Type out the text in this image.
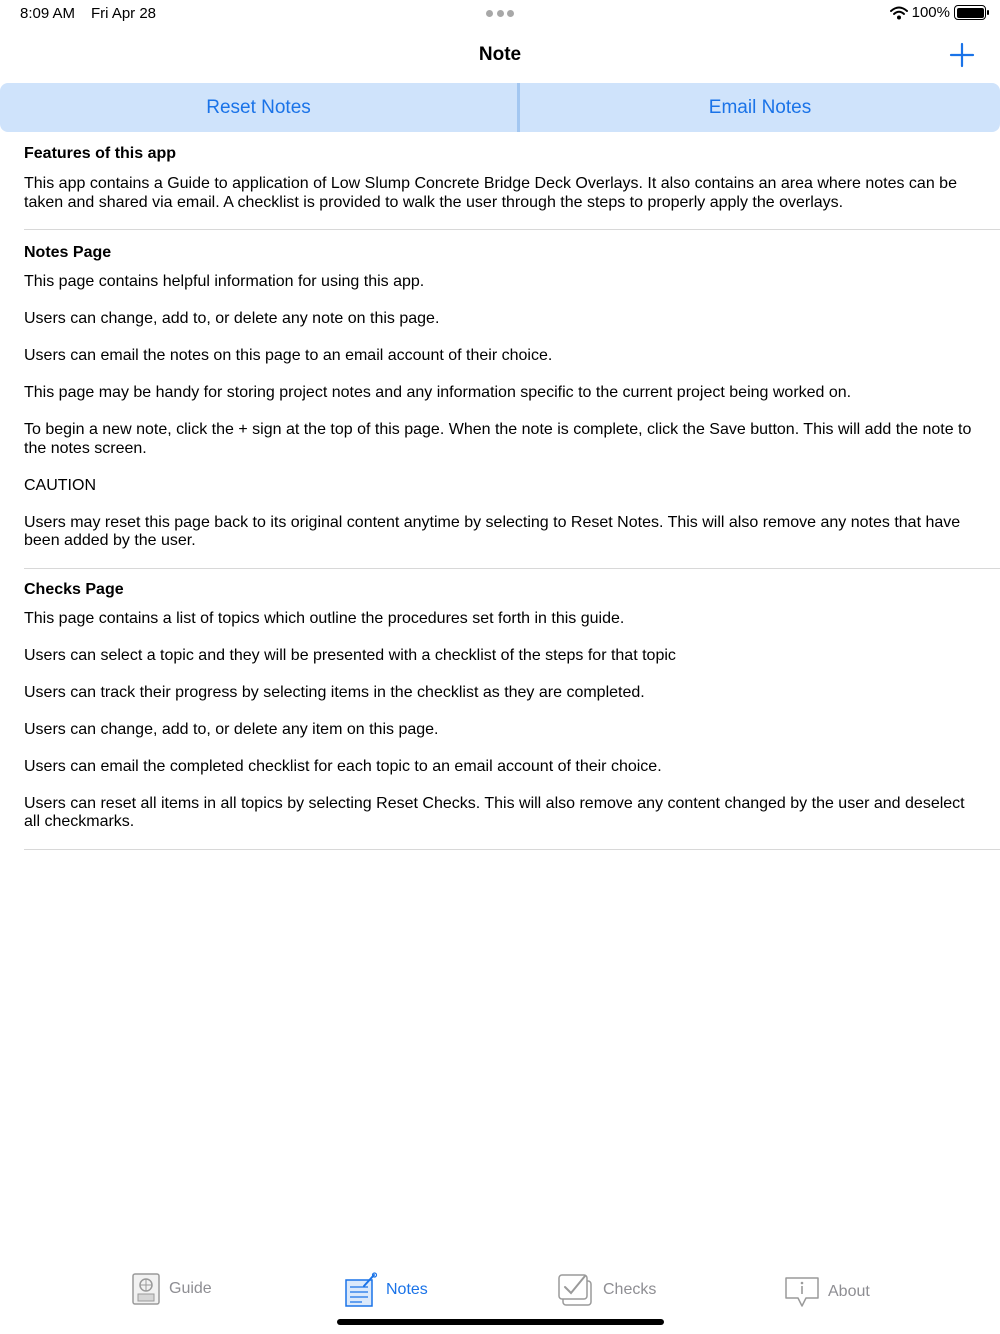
8:09 AM Fri Apr 28	100%
Note
Reset Notes	Email Notes
Features of this app

This app contains a Guide to application of Low Slump Concrete Bridge Deck Overlays. It also contains an area where notes can be taken and shared via email. A checklist is provided to walk the user through the steps to properly apply the overlays.

Notes Page

This page contains helpful information for using this app.

Users can change, add to, or delete any note on this page.

Users can email the notes on this page to an email account of their choice.

This page may be handy for storing project notes and any information specific to the current project being worked on.

To begin a new note, click the + sign at the top of this page. When the note is complete, click the Save button. This will add the note to the notes screen.

CAUTION

Users may reset this page back to its original content anytime by selecting to Reset Notes. This will also remove any notes that have been added by the user.

Checks Page

This page contains a list of topics which outline the procedures set forth in this guide.

Users can select a topic and they will be presented with a checklist of the steps for that topic

Users can track their progress by selecting items in the checklist as they are completed.

Users can change, add to, or delete any item on this page.

Users can email the completed checklist for each topic to an email account of their choice.

Users can reset all items in all topics by selecting Reset Checks. This will also remove any content changed by the user and deselect all checkmarks.

Guide	Notes	Checks	About
